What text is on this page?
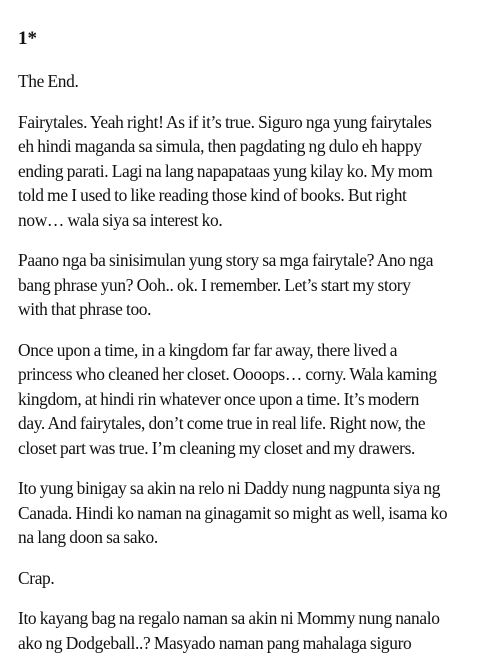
1*
The End.
Fairytales. Yeah right! As if it’s true. Siguro nga yung fairytales
eh hindi maganda sa simula, then pagdating ng dulo eh happy
ending parati. Lagi na lang napapataas yung kilay ko. My mom
told me I used to like reading those kind of books. But right
now… wala siya sa interest ko.
Paano nga ba sinisimulan yung story sa mga fairytale? Ano nga
bang phrase yun? Ooh.. ok. I remember. Let’s start my story
with that phrase too.
Once upon a time, in a kingdom far far away, there lived a
princess who cleaned her closet. Oooops… corny. Wala kaming
kingdom, at hindi rin whatever once upon a time. It’s modern
day. And fairytales, don’t come true in real life. Right now, the
closet part was true. I’m cleaning my closet and my drawers.
Ito yung binigay sa akin na relo ni Daddy nung nagpunta siya ng
Canada. Hindi ko naman na ginagamit so might as well, isama ko
na lang doon sa sako.
Crap.
Ito kayang bag na regalo naman sa akin ni Mommy nung nanalo
ako ng Dodgeball..? Masyado naman pang mahalaga siguro
